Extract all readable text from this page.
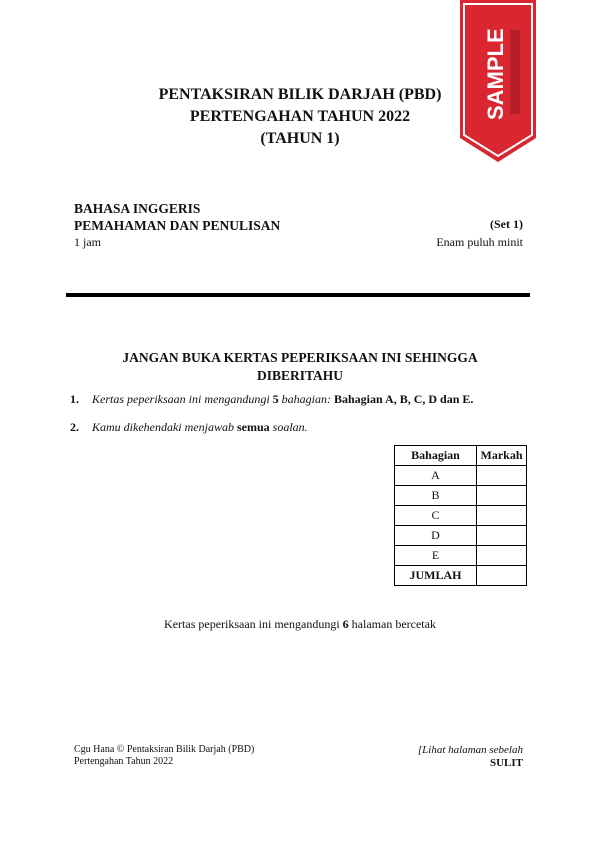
SAMPLE
PENTAKSIRAN BILIK DARJAH (PBD)
PERTENGAHAN TAHUN 2022
(TAHUN 1)
BAHASA INGGERIS
PEMAHAMAN DAN PENULISAN	(Set 1)
1 jam	Enam puluh minit
JANGAN BUKA KERTAS PEPERIKSAAN INI SEHINGGA
DIBERITAHU
1. Kertas peperiksaan ini mengandungi 5 bahagian: Bahagian A, B, C, D dan E.
2. Kamu dikehendaki menjawab semua soalan.
Bahagian	Markah
A	
B	
C	
D	
E	
JUMLAH	
Kertas peperiksaan ini mengandungi 6 halaman bercetak
Cgu Hana © Pentaksiran Bilik Darjah (PBD)
Pertengahan Tahun 2022
[Lihat halaman sebelah
SULIT
